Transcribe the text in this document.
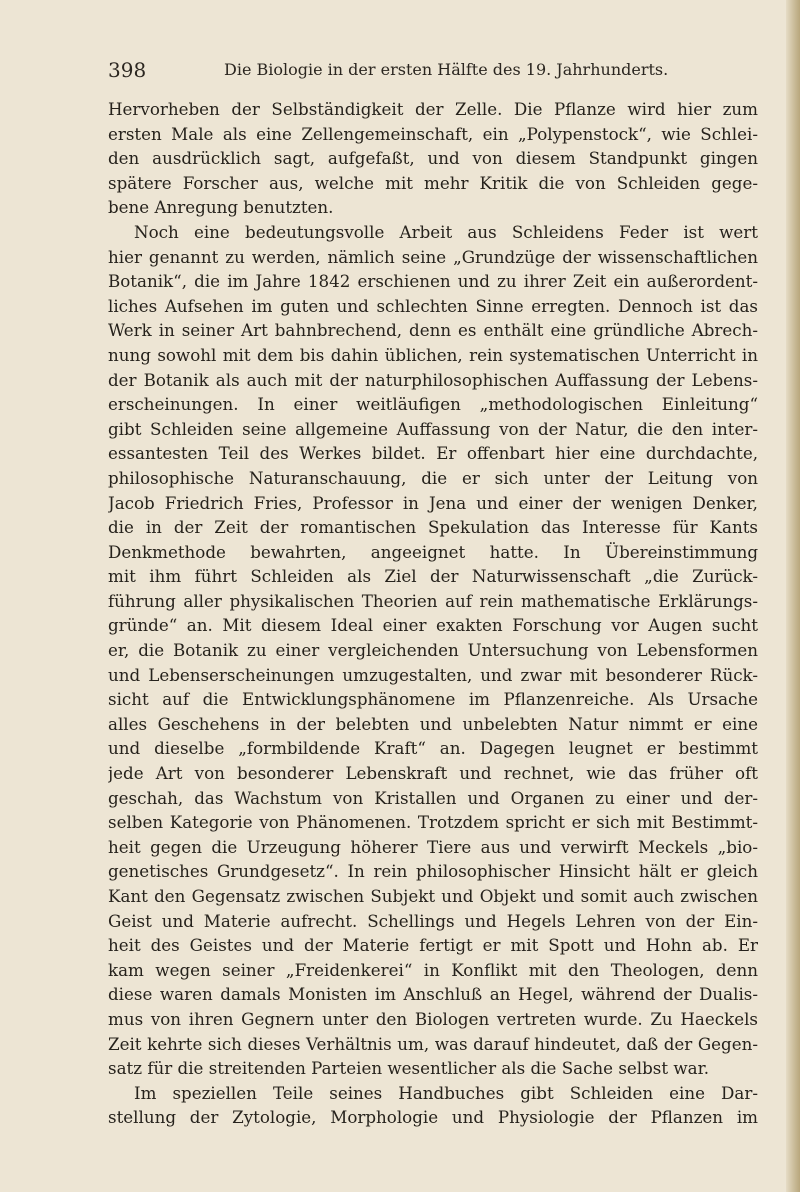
398	Die Biologie in der ersten Hälfte des 19. Jahrhunderts.
Hervorheben der Selbständigkeit der Zelle. Die Pflanze wird hier zum
ersten Male als eine Zellengemeinschaft, ein „Polypenstock“, wie Schlei-
den ausdrücklich sagt, aufgefaßt, und von diesem Standpunkt gingen
spätere Forscher aus, welche mit mehr Kritik die von Schleiden gege-
bene Anregung benutzten.
Noch eine bedeutungsvolle Arbeit aus Schleidens Feder ist wert
hier genannt zu werden, nämlich seine „Grundzüge der wissenschaftlichen
Botanik“, die im Jahre 1842 erschienen und zu ihrer Zeit ein außerordent-
liches Aufsehen im guten und schlechten Sinne erregten. Dennoch ist das
Werk in seiner Art bahnbrechend, denn es enthält eine gründliche Abrech-
nung sowohl mit dem bis dahin üblichen, rein systematischen Unterricht in
der Botanik als auch mit der naturphilosophischen Auffassung der Lebens-
erscheinungen. In einer weitläufigen „methodologischen Einleitung“
gibt Schleiden seine allgemeine Auffassung von der Natur, die den inter-
essantesten Teil des Werkes bildet. Er offenbart hier eine durchdachte,
philosophische Naturanschauung, die er sich unter der Leitung von
Jacob Friedrich Fries, Professor in Jena und einer der wenigen Denker,
die in der Zeit der romantischen Spekulation das Interesse für Kants
Denkmethode bewahrten, angeeignet hatte. In Übereinstimmung
mit ihm führt Schleiden als Ziel der Naturwissenschaft „die Zurück-
führung aller physikalischen Theorien auf rein mathematische Erklärungs-
gründe“ an. Mit diesem Ideal einer exakten Forschung vor Augen sucht
er, die Botanik zu einer vergleichenden Untersuchung von Lebensformen
und Lebenserscheinungen umzugestalten, und zwar mit besonderer Rück-
sicht auf die Entwicklungsphänomene im Pflanzenreiche. Als Ursache
alles Geschehens in der belebten und unbelebten Natur nimmt er eine
und dieselbe „formbildende Kraft“ an. Dagegen leugnet er bestimmt
jede Art von besonderer Lebenskraft und rechnet, wie das früher oft
geschah, das Wachstum von Kristallen und Organen zu einer und der-
selben Kategorie von Phänomenen. Trotzdem spricht er sich mit Bestimmt-
heit gegen die Urzeugung höherer Tiere aus und verwirft Meckels „bio-
genetisches Grundgesetz“. In rein philosophischer Hinsicht hält er gleich
Kant den Gegensatz zwischen Subjekt und Objekt und somit auch zwischen
Geist und Materie aufrecht. Schellings und Hegels Lehren von der Ein-
heit des Geistes und der Materie fertigt er mit Spott und Hohn ab. Er
kam wegen seiner „Freidenkerei“ in Konflikt mit den Theologen, denn
diese waren damals Monisten im Anschluß an Hegel, während der Dualis-
mus von ihren Gegnern unter den Biologen vertreten wurde. Zu Haeckels
Zeit kehrte sich dieses Verhältnis um, was darauf hindeutet, daß der Gegen-
satz für die streitenden Parteien wesentlicher als die Sache selbst war.
Im speziellen Teile seines Handbuches gibt Schleiden eine Dar-
stellung der Zytologie, Morphologie und Physiologie der Pflanzen im
